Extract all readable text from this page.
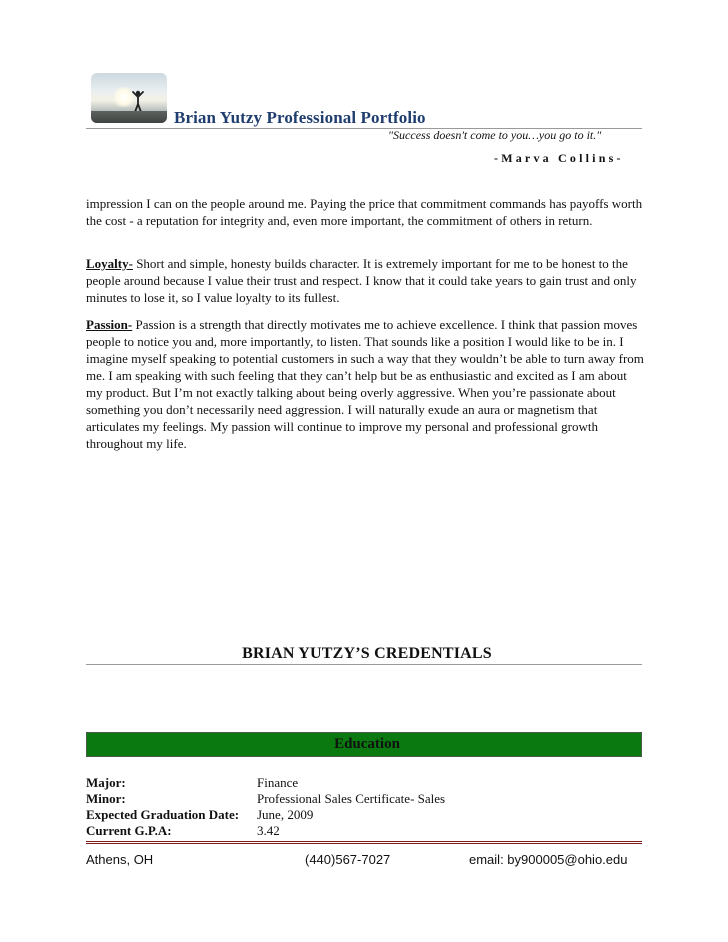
Brian Yutzy Professional Portfolio
"Success doesn't come to you…you go to it."
-Marva Collins-

impression I can on the people around me. Paying the price that commitment commands has payoffs worth the cost - a reputation for integrity and, even more important, the commitment of others in return.

Loyalty- Short and simple, honesty builds character. It is extremely important for me to be honest to the people around because I value their trust and respect. I know that it could take years to gain trust and only minutes to lose it, so I value loyalty to its fullest.

Passion- Passion is a strength that directly motivates me to achieve excellence. I think that passion moves people to notice you and, more importantly, to listen. That sounds like a position I would like to be in. I imagine myself speaking to potential customers in such a way that they wouldn’t be able to turn away from me. I am speaking with such feeling that they can’t help but be as enthusiastic and excited as I am about my product. But I’m not exactly talking about being overly aggressive. When you’re passionate about something you don’t necessarily need aggression. I will naturally exude an aura or magnetism that articulates my feelings. My passion will continue to improve my personal and professional growth throughout my life.

BRIAN YUTZY’S CREDENTIALS
Education
Major:	Finance
Minor:	Professional Sales Certificate- Sales
Expected Graduation Date: June, 2009
Current G.P.A:	3.42
Athens, OH	(440)567-7027	email: by900005@ohio.edu
